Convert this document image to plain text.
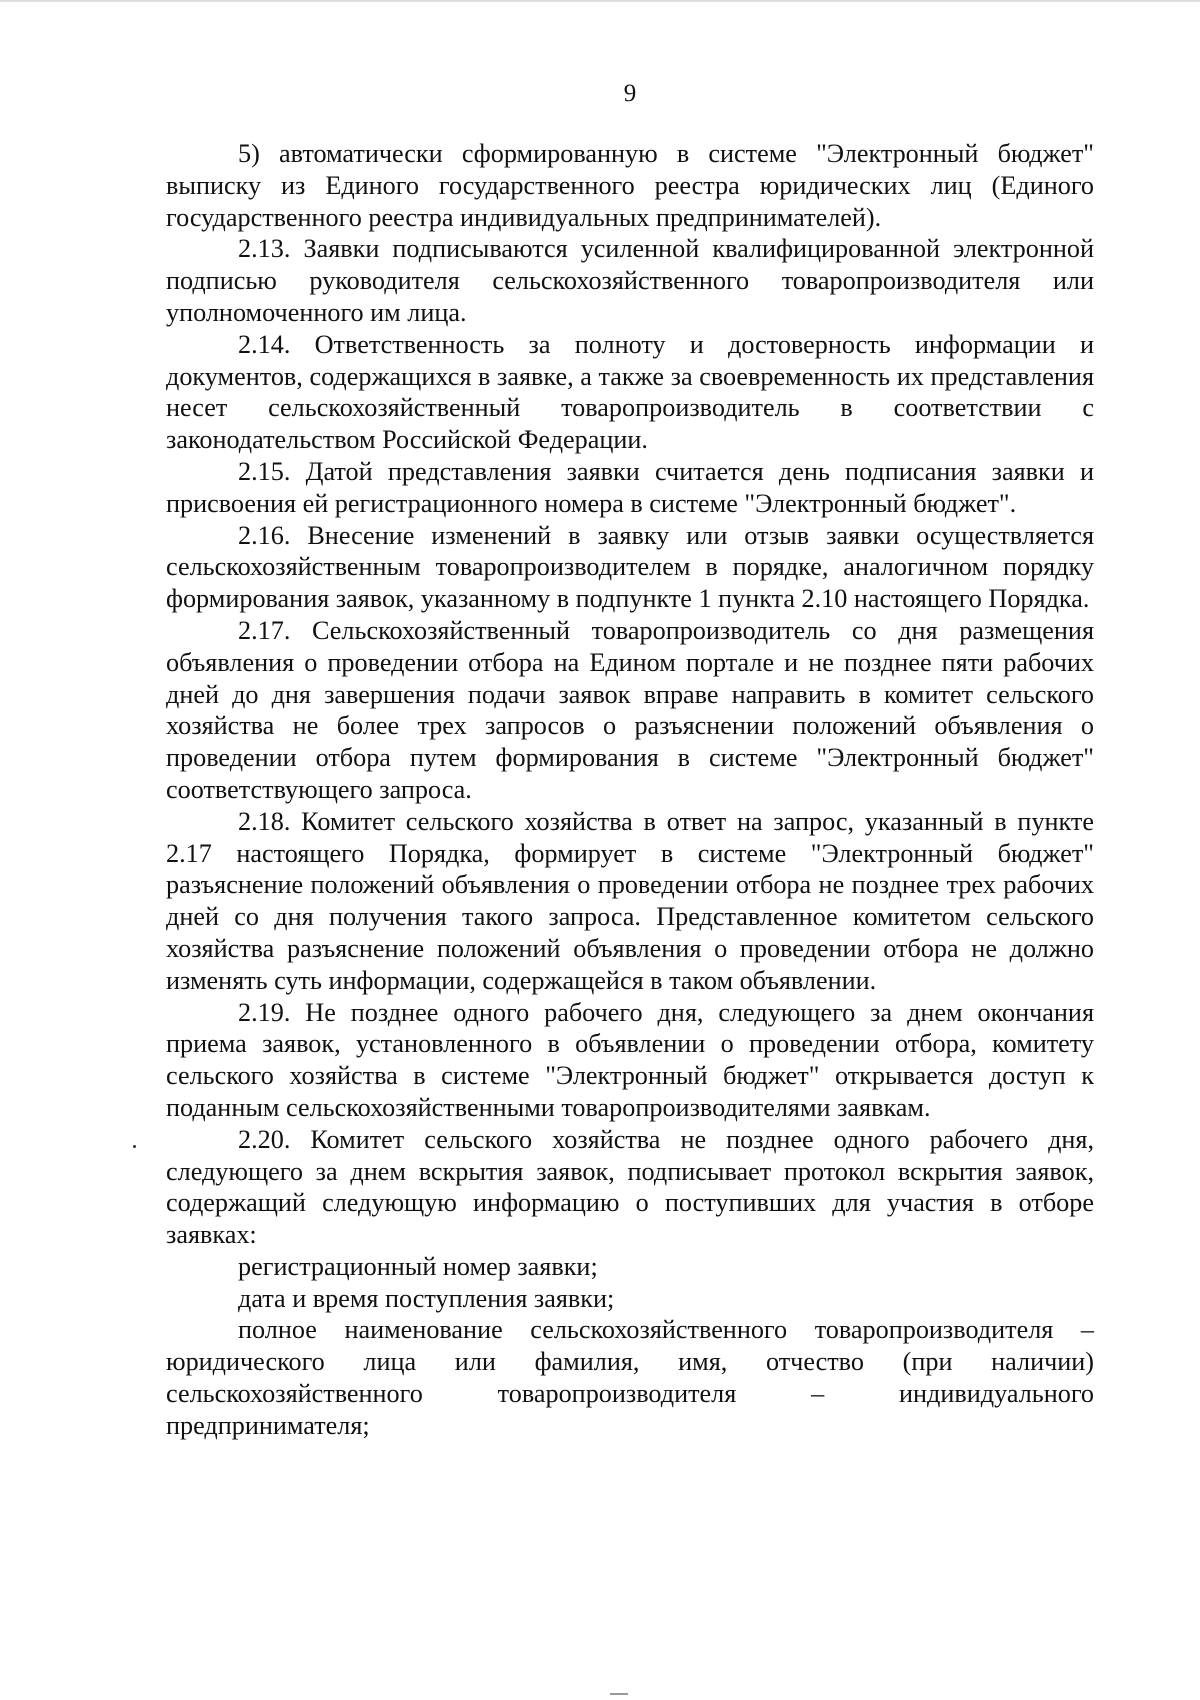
9

5) автоматически сформированную в системе "Электронный бюджет" выписку из Единого государственного реестра юридических лиц (Единого государственного реестра индивидуальных предпринимателей).

2.13. Заявки подписываются усиленной квалифицированной электронной подписью руководителя сельскохозяйственного товаропроизводителя или уполномоченного им лица.

2.14. Ответственность за полноту и достоверность информации и документов, содержащихся в заявке, а также за своевременность их представления несет сельскохозяйственный товаропроизводитель в соответствии с законодательством Российской Федерации.

2.15. Датой представления заявки считается день подписания заявки и присвоения ей регистрационного номера в системе "Электронный бюджет".

2.16. Внесение изменений в заявку или отзыв заявки осуществляется сельскохозяйственным товаропроизводителем в порядке, аналогичном порядку формирования заявок, указанному в подпункте 1 пункта 2.10 настоящего Порядка.

2.17. Сельскохозяйственный товаропроизводитель со дня размещения объявления о проведении отбора на Едином портале и не позднее пяти рабочих дней до дня завершения подачи заявок вправе направить в комитет сельского хозяйства не более трех запросов о разъяснении положений объявления о проведении отбора путем формирования в системе "Электронный бюджет" соответствующего запроса.

2.18. Комитет сельского хозяйства в ответ на запрос, указанный в пункте 2.17 настоящего Порядка, формирует в системе "Электронный бюджет" разъяснение положений объявления о проведении отбора не позднее трех рабочих дней со дня получения такого запроса. Представленное комитетом сельского хозяйства разъяснение положений объявления о проведении отбора не должно изменять суть информации, содержащейся в таком объявлении.

2.19. Не позднее одного рабочего дня, следующего за днем окончания приема заявок, установленного в объявлении о проведении отбора, комитету сельского хозяйства в системе "Электронный бюджет" открывается доступ к поданным сельскохозяйственными товаропроизводителями заявкам.

2.20. Комитет сельского хозяйства не позднее одного рабочего дня, следующего за днем вскрытия заявок, подписывает протокол вскрытия заявок, содержащий следующую информацию о поступивших для участия в отборе заявках:

регистрационный номер заявки;

дата и время поступления заявки;

полное наименование сельскохозяйственного товаропроизводителя – юридического лица или фамилия, имя, отчество (при наличии) сельскохозяйственного товаропроизводителя – индивидуального предпринимателя;
